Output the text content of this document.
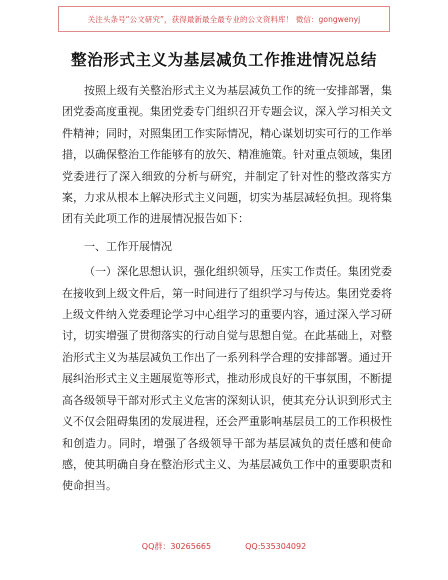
关注头条号“公文研究”，获得最新最全最专业的公文资料库！ 微信：gongwenyj
整治形式主义为基层减负工作推进情况总结

按照上级有关整治形式主义为基层减负工作的统一安排部署，集团党委高度重视。集团党委专门组织召开专题会议，深入学习相关文件精神；同时，对照集团工作实际情况，精心谋划切实可行的工作举措，以确保整治工作能够有的放矢、精准施策。针对重点领域，集团党委进行了深入细致的分析与研究，并制定了针对性的整改落实方案，力求从根本上解决形式主义问题，切实为基层减轻负担。现将集团有关此项工作的进展情况报告如下：

一、工作开展情况

（一）深化思想认识，强化组织领导，压实工作责任。集团党委在接收到上级文件后，第一时间进行了组织学习与传达。集团党委将上级文件纳入党委理论学习中心组学习的重要内容，通过深入学习研讨，切实增强了贯彻落实的行动自觉与思想自觉。在此基础上，对整治形式主义为基层减负工作出了一系列科学合理的安排部署。通过开展纠治形式主义主题展览等形式，推动形成良好的干事氛围，不断提高各级领导干部对形式主义危害的深刻认识，使其充分认识到形式主义不仅会阻碍集团的发展进程，还会严重影响基层员工的工作积极性和创造力。同时，增强了各级领导干部为基层减负的责任感和使命感，使其明确自身在整治形式主义、为基层减负工作中的重要职责和使命担当。

QQ群：30265665	QQ:535304092
